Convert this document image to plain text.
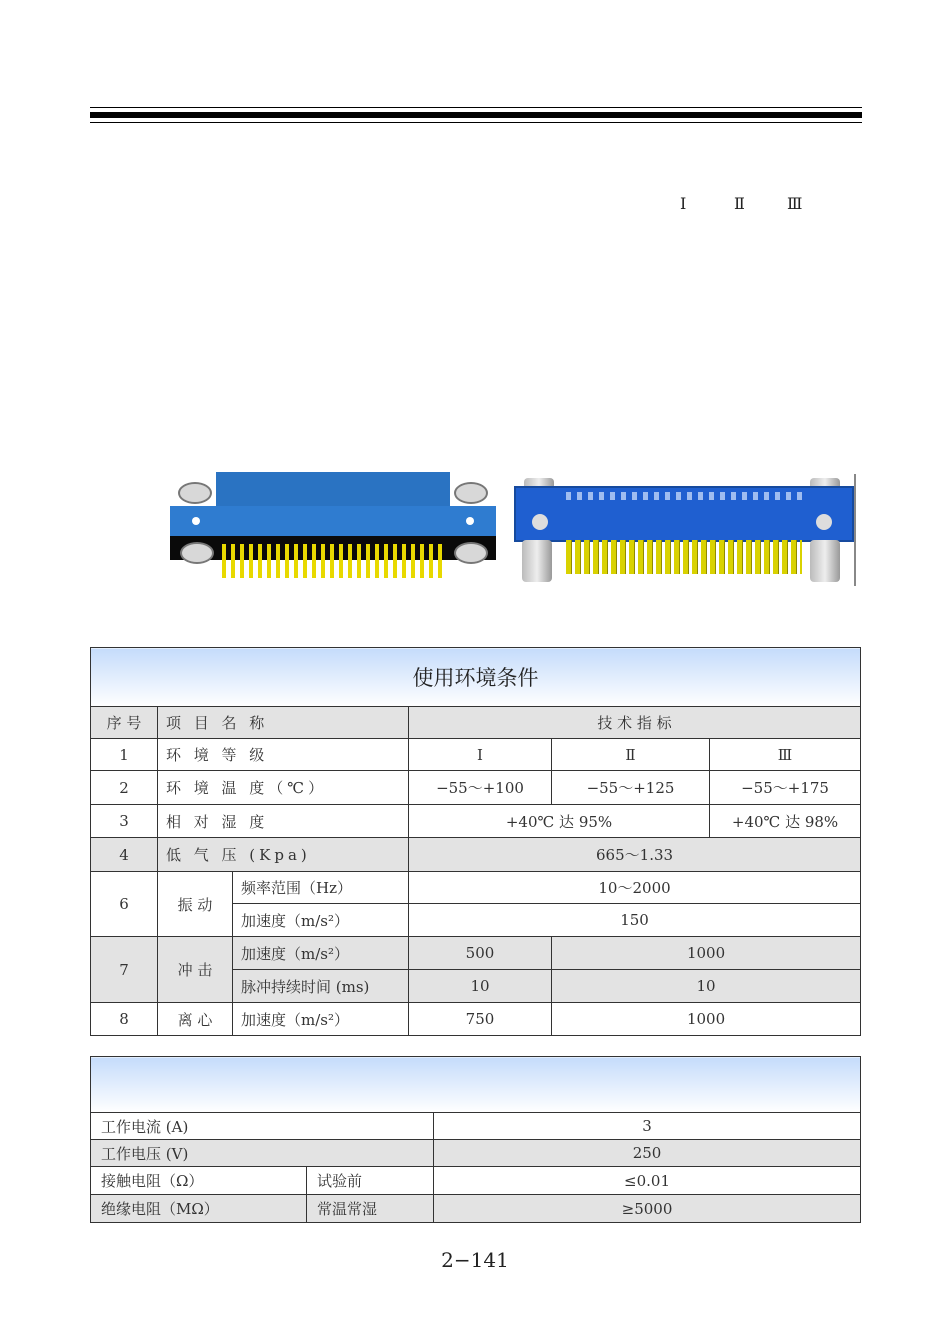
Ⅰ	Ⅱ	Ⅲ
使用环境条件					
序 号	项 目 名 称		技 术 指 标		
1	环 境 等 级		Ⅰ	Ⅱ	Ⅲ
2	环 境 温 度（℃）		−55～+100	−55～+125	−55～+175
3	相 对 湿 度		+40℃ 达 95%		+40℃ 达 98%
4	低 气 压 (Kpa)		665～1.33		
6	振 动	频率范围（Hz）	10～2000		
		加速度（m/s²）	150		
7	冲 击	加速度（m/s²）	500	1000	
		脉冲持续时间 (ms)	10	10	
8	离 心	加速度（m/s²）	750	1000	

工作电流 (A)		3
工作电压 (V)		250
接触电阻（Ω）	试验前	≤0.01
绝缘电阻（MΩ）	常温常湿	≥5000
2−141
